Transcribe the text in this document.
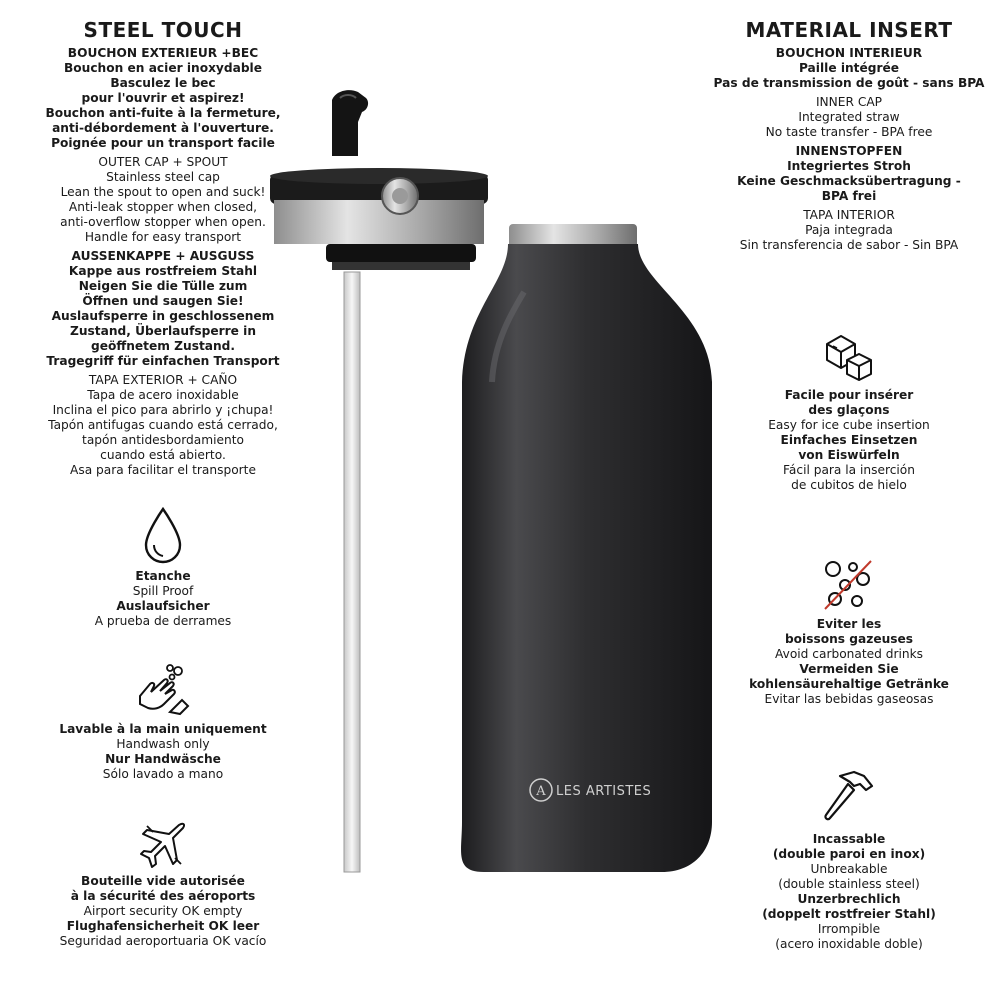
STEEL TOUCH

BOUCHON EXTERIEUR +BEC

Bouchon en acier inoxydable

Basculez le bec

pour l'ouvrir et aspirez!

Bouchon anti-fuite à la fermeture,

anti-débordement à l'ouverture.

Poignée pour un transport facile

OUTER CAP + SPOUT

Stainless steel cap

Lean the spout to open and suck!

Anti-leak stopper when closed,

anti-overflow stopper when open.

Handle for easy transport

AUSSENKAPPE + AUSGUSS

Kappe aus rostfreiem Stahl

Neigen Sie die Tülle zum

Öffnen und saugen Sie!

Auslaufsperre in geschlossenem

Zustand, Überlaufsperre in

geöffnetem Zustand.

Tragegriff für einfachen Transport

TAPA EXTERIOR + CAÑO

Tapa de acero inoxidable

Inclina el pico para abrirlo y ¡chupa!

Tapón antifugas cuando está cerrado,

tapón antidesbordamiento

cuando está abierto.

Asa para facilitar el transporte

MATERIAL INSERT

BOUCHON INTERIEUR

Paille intégrée

Pas de transmission de goût - sans BPA

INNER CAP

Integrated straw

No taste transfer - BPA free

INNENSTOPFEN

Integriertes Stroh

Keine Geschmacksübertragung -

BPA frei

TAPA INTERIOR

Paja integrada

Sin transferencia de sabor - Sin BPA

Etanche

Spill Proof

Auslaufsicher

A prueba de derrames

Lavable à la main uniquement

Handwash only

Nur Handwäsche

Sólo lavado a mano

Bouteille vide autorisée

à la sécurité des aéroports

Airport security OK empty

Flughafensicherheit OK leer

Seguridad aeroportuaria OK vacío

Facile pour insérer

des glaçons

Easy for ice cube insertion

Einfaches Einsetzen

von Eiswürfeln

Fácil para la inserción

de cubitos de hielo

Eviter les

boissons gazeuses

Avoid carbonated drinks

Vermeiden Sie

kohlensäurehaltige Getränke

Evitar las bebidas gaseosas

Incassable

(double paroi en inox)

Unbreakable

(double stainless steel)

Unzerbrechlich

(doppelt rostfreier Stahl)

Irrompible

(acero inoxidable doble)

A LES ARTISTES
